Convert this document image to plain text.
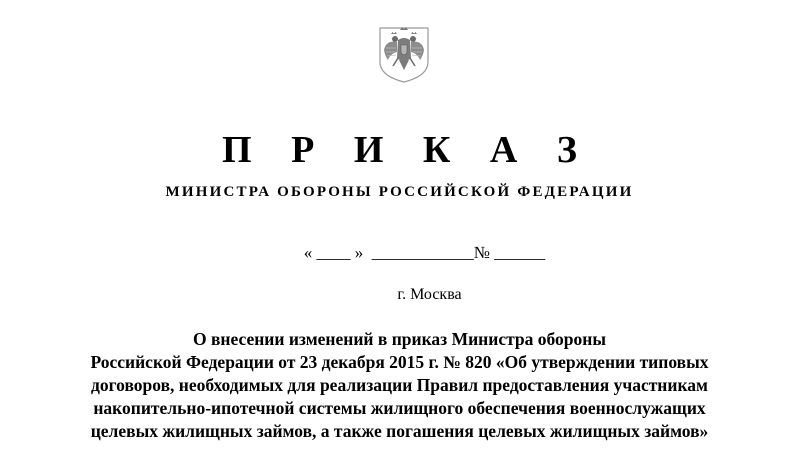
П Р И К А З
МИНИСТРА ОБОРОНЫ РОССИЙСКОЙ ФЕДЕРАЦИИ
« ____ »  ____________№ ______
г. Москва
О внесении изменений в приказ Министра обороны
Российской Федерации от 23 декабря 2015 г. № 820 «Об утверждении типовых
договоров, необходимых для реализации Правил предоставления участникам
накопительно-ипотечной системы жилищного обеспечения военнослужащих
целевых жилищных займов, а также погашения целевых жилищных займов»
